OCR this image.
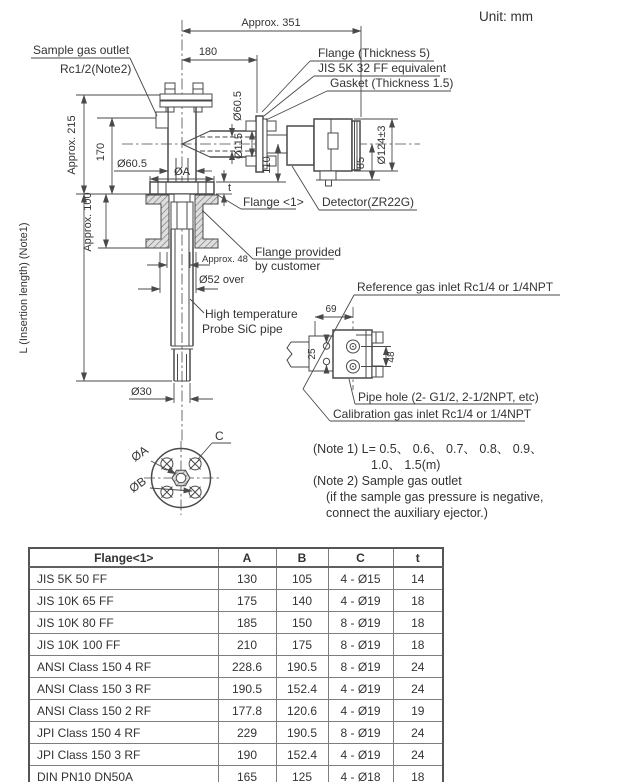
Unit: mm
Approx. 351
180
Approx. 215 170
Approx. 100
L (Insertion length) (Note1)
Ø60.5
Ø115
Ø60.5
ØA
t
110	85 Ø124±3
Approx. 48
Ø52 over
Ø30
Sample gas outlet
Rc1/2(Note2)
Flange (Thickness 5)
JIS 5K 32 FF equivalent
Gasket (Thickness 1.5)
Flange <1> Detector(ZR22G)
Flange provided
by customer
High temperature
Probe SiC pipe
69
25	48
Reference gas inlet Rc1/4 or 1/4NPT
Pipe hole (2- G1/2, 2-1/2NPT, etc)
Calibration gas inlet Rc1/4 or 1/4NPT
C
ØA
ØB
(Note 1) L= 0.5、 0.6、 0.7、 0.8、 0.9、
1.0、 1.5(m)
(Note 2) Sample gas outlet
(if the sample gas pressure is negative,
connect the auxiliary ejector.)
Flange<1>	A	B	C	t
JIS 5K 50 FF	130	105	4 - Ø15	14
JIS 10K 65 FF	175	140	4 - Ø19	18
JIS 10K 80 FF	185	150	8 - Ø19	18
JIS 10K 100 FF	210	175	8 - Ø19	18
ANSI Class 150 4 RF	228.6	190.5	8 - Ø19	24
ANSI Class 150 3 RF	190.5	152.4	4 - Ø19	24
ANSI Class 150 2 RF	177.8	120.6	4 - Ø19	19
JPI Class 150 4 RF	229	190.5	8 - Ø19	24
JPI Class 150 3 RF	190	152.4	4 - Ø19	24
DIN PN10 DN50A	165	125	4 - Ø18	18
